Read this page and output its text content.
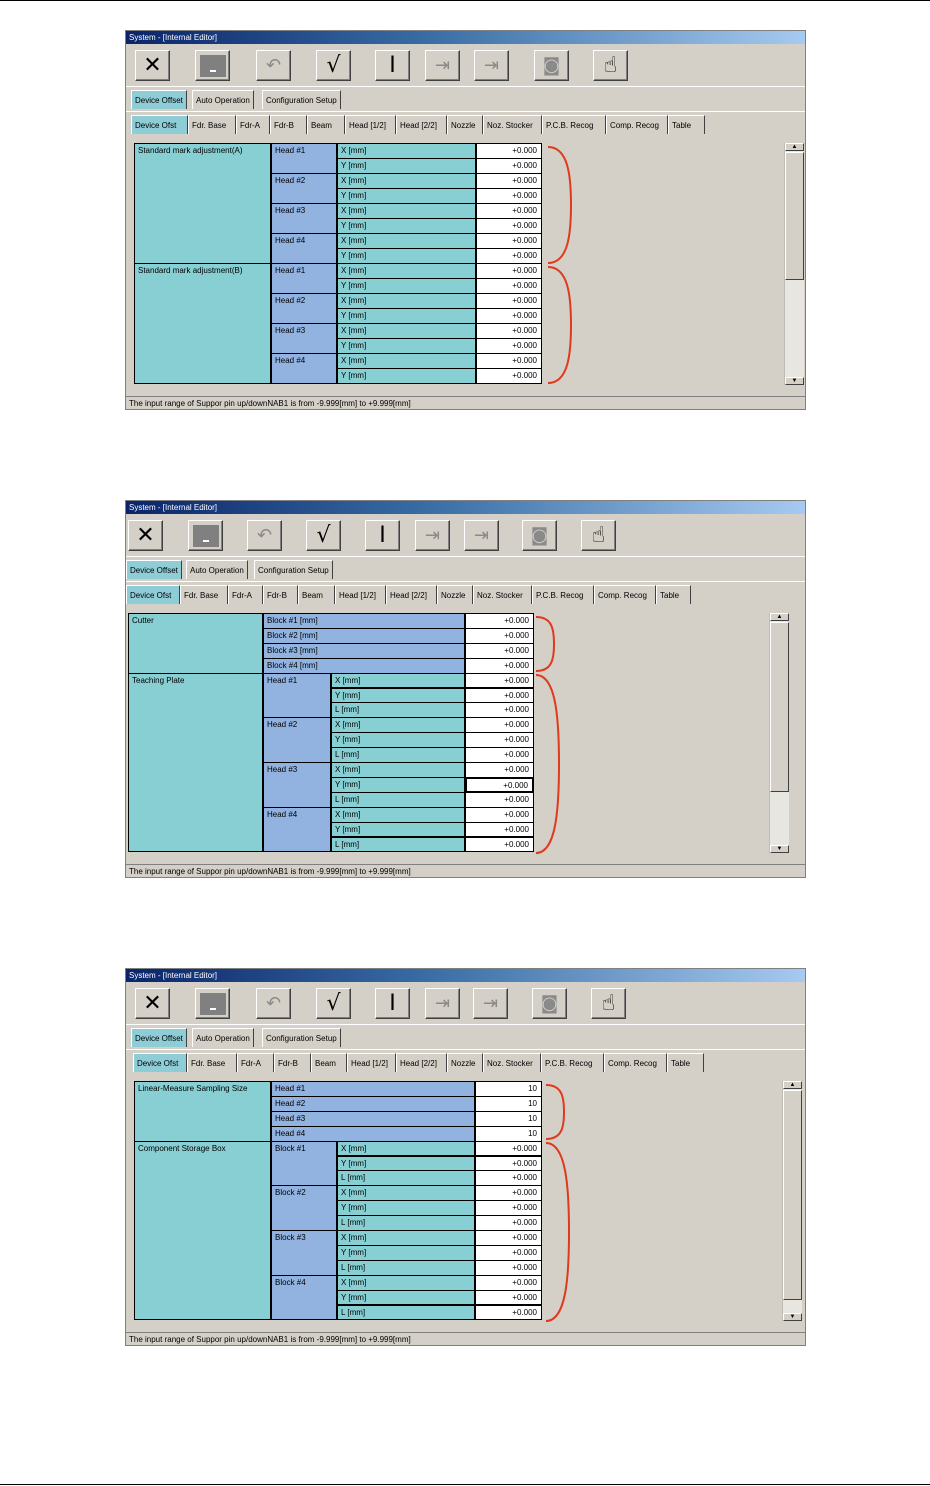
System - [Internal Editor]
✕	↶ √ I ⇥ ⇥ ◙ ☝
Device Offset	Auto Operation	Configuration Setup
Device Ofst	Fdr. Base	Fdr-A	Fdr-B	Beam	Head [1/2]	Head [2/2]	Nozzle	Noz. Stocker	P.C.B. Recog	Comp. Recog	Table
Head #1	X [mm]	+0.000
Y [mm]	+0.000
Head #2	X [mm]	+0.000
Y [mm]	+0.000
Head #3	X [mm]	+0.000
Y [mm]	+0.000
Head #4	X [mm]	+0.000
Y [mm]	+0.000
Standard mark adjustment(A)
Head #1	X [mm]	+0.000
Y [mm]	+0.000
Head #2	X [mm]	+0.000
Y [mm]	+0.000
Head #3	X [mm]	+0.000
Y [mm]	+0.000
Head #4	X [mm]	+0.000
Y [mm]	+0.000
Standard mark adjustment(B)
▲
▼
The input range of Suppor pin up/downNAB1 is from -9.999[mm] to +9.999[mm]
System - [Internal Editor]
✕	↶ √ I ⇥ ⇥ ◙ ☝
Device Offset	Auto Operation	Configuration Setup
Device Ofst	Fdr. Base	Fdr-A	Fdr-B	Beam	Head [1/2]	Head [2/2]	Nozzle	Noz. Stocker	P.C.B. Recog	Comp. Recog	Table
Block #1 [mm]	+0.000
Block #2 [mm]	+0.000
Block #3 [mm]	+0.000
Block #4 [mm]	+0.000
Cutter
Head #1	X [mm]	+0.000
Y [mm]	+0.000
L [mm]	+0.000
Head #2	X [mm]	+0.000
Y [mm]	+0.000
L [mm]	+0.000
Head #3	X [mm]	+0.000
Y [mm]	+0.000
L [mm]	+0.000
Head #4	X [mm]	+0.000
Y [mm]	+0.000
L [mm]	+0.000
Teaching Plate
▲
▼
The input range of Suppor pin up/downNAB1 is from -9.999[mm] to +9.999[mm]
System - [Internal Editor]
✕	↶ √ I ⇥ ⇥ ◙ ☝
Device Offset	Auto Operation	Configuration Setup
Device Ofst	Fdr. Base	Fdr-A	Fdr-B	Beam	Head [1/2]	Head [2/2]	Nozzle	Noz. Stocker	P.C.B. Recog	Comp. Recog	Table
Head #1	10
Head #2	10
Head #3	10
Head #4	10
Linear-Measure Sampling Size
Block #1	X [mm]	+0.000
Y [mm]	+0.000
L [mm]	+0.000
Block #2	X [mm]	+0.000
Y [mm]	+0.000
L [mm]	+0.000
Block #3	X [mm]	+0.000
Y [mm]	+0.000
L [mm]	+0.000
Block #4	X [mm]	+0.000
Y [mm]	+0.000
L [mm]	+0.000
Component Storage Box
▲
▼
The input range of Suppor pin up/downNAB1 is from -9.999[mm] to +9.999[mm]
